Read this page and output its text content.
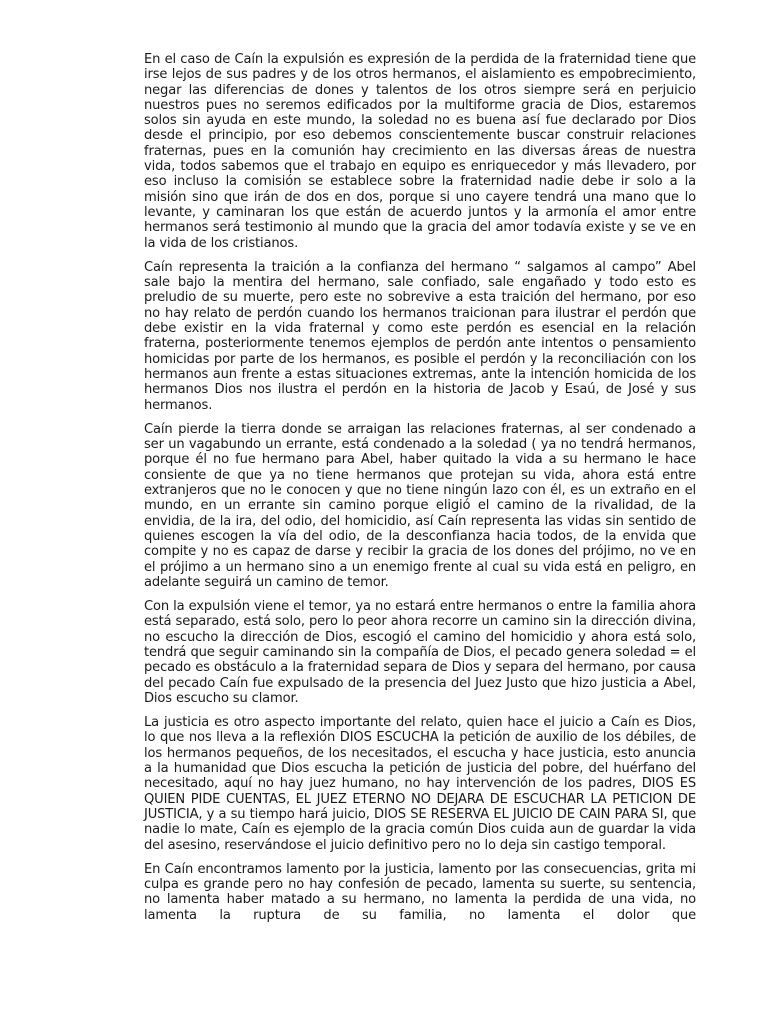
En el caso de Caín la expulsión es expresión de la perdida de la fraternidad tiene que irse lejos de sus padres y de los otros hermanos, el aislamiento es empobrecimiento, negar las diferencias de dones y talentos de los otros siempre será en perjuicio nuestros pues no seremos edificados por la multiforme gracia de Dios, estaremos solos sin ayuda en este mundo, la soledad no es buena así fue declarado por Dios desde el principio, por eso debemos conscientemente buscar construir relaciones fraternas, pues en la comunión hay crecimiento en las diversas áreas de nuestra vida, todos sabemos que el trabajo en equipo es enriquecedor y más llevadero, por eso incluso la comisión se establece sobre la fraternidad nadie debe ir solo a la misión sino que irán de dos en dos, porque si uno cayere tendrá una mano que lo levante, y caminaran los que están de acuerdo juntos y la armonía el amor entre hermanos será testimonio al mundo que la gracia del amor todavía existe y se ve en la vida de los cristianos.

Caín representa la traición a la confianza del hermano “ salgamos al campo” Abel sale bajo la mentira del hermano, sale confiado, sale engañado y todo esto es preludio de su muerte, pero este no sobrevive a esta traición del hermano, por eso no hay relato de perdón cuando los hermanos traicionan para ilustrar el perdón que debe existir en la vida fraternal y como este perdón es esencial en la relación fraterna, posteriormente tenemos ejemplos de perdón ante intentos o pensamiento homicidas por parte de los hermanos, es posible el perdón y la reconciliación con los hermanos aun frente a estas situaciones extremas, ante la intención homicida de los hermanos Dios nos ilustra el perdón en la historia de Jacob y Esaú, de José y sus hermanos.

Caín pierde la tierra donde se arraigan las relaciones fraternas, al ser condenado a ser un vagabundo un errante, está condenado a la soledad ( ya no tendrá hermanos, porque él no fue hermano para Abel, haber quitado la vida a su hermano le hace consiente de que ya no tiene hermanos que protejan su vida, ahora está entre extranjeros que no le conocen y que no tiene ningún lazo con él, es un extraño en el mundo, en un errante sin camino porque eligió el camino de la rivalidad, de la envidia, de la ira, del odio, del homicidio, así Caín representa las vidas sin sentido de quienes escogen la vía del odio, de la desconfianza hacia todos, de la envida que compite y no es capaz de darse y recibir la gracia de los dones del prójimo, no ve en el prójimo a un hermano sino a un enemigo frente al cual su vida está en peligro, en adelante seguirá un camino de temor.

Con la expulsión viene el temor, ya no estará entre hermanos o entre la familia ahora está separado, está solo, pero lo peor ahora recorre un camino sin la dirección divina, no escucho la dirección de Dios, escogió el camino del homicidio y ahora está solo, tendrá que seguir caminando sin la compañía de Dios, el pecado genera soledad = el pecado es obstáculo a la fraternidad separa de Dios y separa del hermano, por causa del pecado Caín fue expulsado de la presencia del Juez Justo que hizo justicia a Abel, Dios escucho su clamor.

La justicia es otro aspecto importante del relato, quien hace el juicio a Caín es Dios, lo que nos lleva a la reflexión DIOS ESCUCHA la petición de auxilio de los débiles, de los hermanos pequeños, de los necesitados, el escucha y hace justicia, esto anuncia a la humanidad que Dios escucha la petición de justicia del pobre, del huérfano del necesitado, aquí no hay juez humano, no hay intervención de los padres, DIOS ES QUIEN PIDE CUENTAS, EL JUEZ ETERNO NO DEJARA DE ESCUCHAR LA PETICION DE JUSTICIA, y a su tiempo hará juicio, DIOS SE RESERVA EL JUICIO DE CAIN PARA SI, que nadie lo mate, Caín es ejemplo de la gracia común Dios cuida aun de guardar la vida del asesino, reservándose el juicio definitivo pero no lo deja sin castigo temporal.

En Caín encontramos lamento por la justicia, lamento por las consecuencias, grita mi culpa es grande pero no hay confesión de pecado, lamenta su suerte, su sentencia, no lamenta haber matado a su hermano, no lamenta la perdida de una vida, no lamenta la ruptura de su familia, no lamenta el dolor que
